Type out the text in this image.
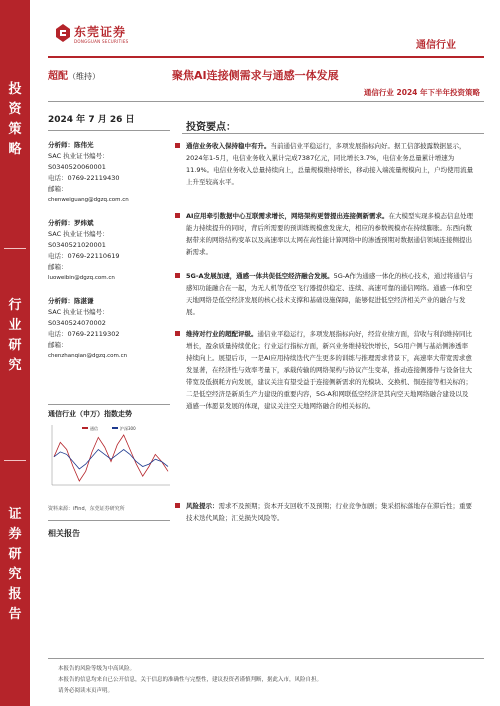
投资策略
行业研究
证券研究报告
东莞证券
DONGGUAN SECURITIES	通信行业
超配（维持）	聚焦AI连接侧需求与通感一体发展
通信行业 2024 年下半年投资策略
2024 年 7 月 26 日
分析师：陈伟光
SAC 执业证书编号：
S0340520060001
电话：0769-22119430
邮箱：
chenweiguang@dgzq.com.cn
分析师：罗炜斌
SAC 执业证书编号：
S0340521020001
电话：0769-22110619
邮箱：
luoweibin@dgzq.com.cn
分析师：陈湛谦
SAC 执业证书编号：
S0340524070002
电话：0769-22119302
邮箱：
chenzhanqian@dgzq.com.cn
通信行业（申万）指数走势
通信	沪深300
资料来源：iFind，东莞证券研究所
相关报告
投资要点：
通信业务收入保持稳中有升。当前通信业平稳运行，多项发展指标向好。据工信部披露数据显示，2024年1-5月，电信业务收入累计完成7387亿元，同比增长3.7%，电信业务总量累计增速为11.9%。电信业务收入总量持续向上，总量规模维持增长，移动接入端流量规模向上，户均使用流量上升至较高水平。
AI应用牵引数据中心互联需求增长，网络架构更替提出连接侧新需求。在大模型实现多模态信息处理能力持续提升的同时，背后所需要的预训练规模愈发庞大，相应的参数规模亦在持续膨胀。东西向数据带来的网络结构变革以及高速率以太网在高性能计算网络中的渗透预期对数据通信领域连接侧提出新需求。
5G-A发展加速，通感一体共促低空经济融合发展。5G-A作为通感一体化的核心技术，通过将通信与感知功能融合在一起，为无人机等低空飞行器提供稳定、连续、高速可靠的通信网络。通感一体和空天地网络是低空经济发展的核心技术支撑和基础设施保障，能够促进低空经济相关产业的融合与发展。
维持对行业的超配评级。通信业平稳运行，多项发展指标向好，经营业绩方面，营收与利润维持同比增长，盈余质量持续优化；行业运行指标方面，新兴业务维持较快增长，5G用户侧与基站侧渗透率持续向上。展望后市，一是AI应用持续迭代产生更多的训练与推理需求背景下，高速率大带宽需求愈发显著，在经济性与效率考量下，承载传输的网络架构与协议产生变革，推动连接侧器件与设备往大带宽及低损耗方向发展，建议关注有望受益于连接侧新需求的光模块、交换机、铜连接等相关标的；二是低空经济是新质生产力建设的重要内容，5G-A和网联低空经济是其向空天地网络融合建设以及通感一体愿景发展的体现，建议关注空天地网络融合的相关标的。
风险提示：需求不及预期；资本开支回收不及预期；行业竞争加剧；集采招标落地存在滞后性；重要技术迭代风险；汇兑损失风险等。
本报告的风险等级为中高风险。
本报告的信息均来自已公开信息，关于信息的准确性与完整性，建议投资者谨慎判断，据此入市，风险自担。
请务必阅读末页声明。
